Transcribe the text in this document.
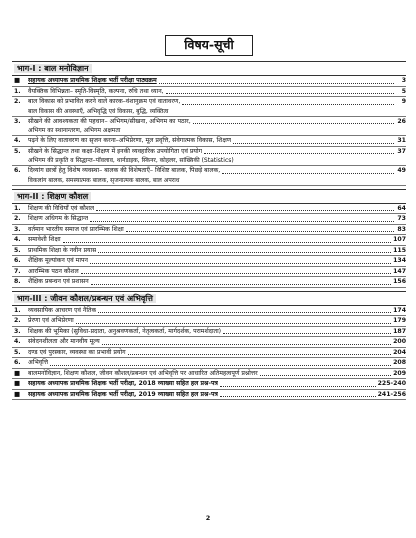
विषय-सूची
भाग-I : बाल मनोविज्ञान
■	सहायक अध्यापक प्राथमिक शिक्षक भर्ती परीक्षा पाठ्यक्रम	3
1.	वैयक्तिक विभिन्नता– स्मृति-विस्मृति, कल्पना, रुचि तथा ध्यान,	5
2.	बाल विकास को प्रभावित करने वाले कारक–वंशानुक्रम एवं वातावरण,	9
बाल विकास की अवस्थाएँ, अभिवृद्धि एवं विकास, बुद्धि, व्यक्तित्व
3.	सीखने की आवश्यकता की पहचान– अभिगम/सीखना, अभिगम का पठार,	26
अभिगम का स्थानान्तरण, अभिगम अक्षमता
4.	पढ़ने के लिए वातावरण का सृजन करना–अभिप्रेरणा, मूल प्रवृत्ति, संवेगात्मक विकास, शिक्षण	31
5.	सीखने के सिद्धान्त तथा कक्षा-शिक्षण में इनकी व्यवहारिक उपयोगिता एवं प्रयोग	37
अभिगम की प्रकृति व सिद्धान्त–पॉवलाव, थार्नडाइक, स्किनर, कोहलर, सांख्यिकी (Statistics)
6.	दिव्यांग छात्रों हेतु विशेष व्यवस्था– बालक की विशेषताएँ– विशिष्ट बालक, पिछड़े बालक,	49
विकलांग बालक, समस्यात्मक बालक, सृजनात्मक बालक, बाल अपराध
भाग-II : शिक्षण कौशल
1.	शिक्षण की विधियाँ एवं कौशल	64
2.	शिक्षण अधिगम के सिद्धान्त	73
3.	वर्तमान भारतीय समाज एवं प्रारम्भिक शिक्षा	83
4.	समावेशी शिक्षा	107
5.	प्राथमिक शिक्षा के नवीन प्रयास	115
6.	शैक्षिक मूल्यांकन एवं मापन	134
7.	आरम्भिक पठन कौशल	147
8.	शैक्षिक प्रबन्धन एवं प्रशासन	156
भाग-III : जीवन कौशल/प्रबन्धन एवं अभिवृत्ति
1.	व्यवसायिक आचरण एवं नैतिक	174
2.	प्रेरणा एवं अभिप्रेरणा	179
3.	शिक्षक की भूमिका (सुविधा-प्रदाता, अनुश्रवणकर्ता, नेतृत्वकर्ता, मार्गदर्शक, परामर्शदाता)	187
4.	संवेदनशीलता और मानवीय मूल्य	200
5.	दण्ड एवं पुरस्कार, व्यवस्था का प्रभावी प्रयोग	204
6.	अभिवृत्ति	208
■	बालमनोविज्ञान, शिक्षण कौशल, जीवन कौशल/प्रबन्धन एवं अभिवृत्ति पर आधारित अतिमहत्वपूर्ण प्रश्नोत्तर	209
■	सहायक अध्यापक प्राथमिक शिक्षक भर्ती परीक्षा, 2018 व्याख्या सहित हल प्रश्न-पत्र	225-240
■	सहायक अध्यापक प्राथमिक शिक्षक भर्ती परीक्षा, 2019 व्याख्या सहित हल प्रश्न-पत्र	241-256
2
